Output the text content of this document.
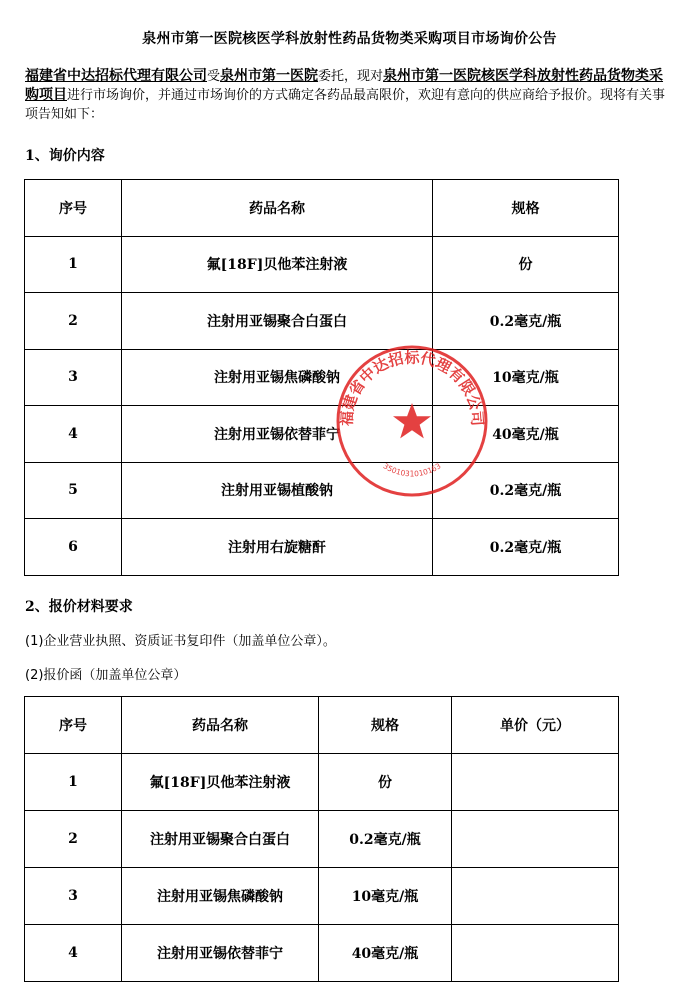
泉州市第一医院核医学科放射性药品货物类采购项目市场询价公告
福建省中达招标代理有限公司受泉州市第一医院委托，现对泉州市第一医院核医学科放射性药品货物类采购项目进行市场询价，并通过市场询价的方式确定各药品最高限价，欢迎有意向的供应商给予报价。现将有关事项告知如下：
1、询价内容
序号	药品名称	规格
1	氟[18F]贝他苯注射液	份
2	注射用亚锡聚合白蛋白	0.2毫克/瓶
3	注射用亚锡焦磷酸钠	10毫克/瓶
4	注射用亚锡依替菲宁	40毫克/瓶
5	注射用亚锡植酸钠	0.2毫克/瓶
6	注射用右旋糖酐	0.2毫克/瓶
福建省中达招标代理有限公司
3501031010163
2、报价材料要求
(1)企业营业执照、资质证书复印件（加盖单位公章）。
(2)报价函（加盖单位公章）
序号	药品名称	规格	单价（元）
1	氟[18F]贝他苯注射液	份	
2	注射用亚锡聚合白蛋白	0.2毫克/瓶	
3	注射用亚锡焦磷酸钠	10毫克/瓶	
4	注射用亚锡依替菲宁	40毫克/瓶	
